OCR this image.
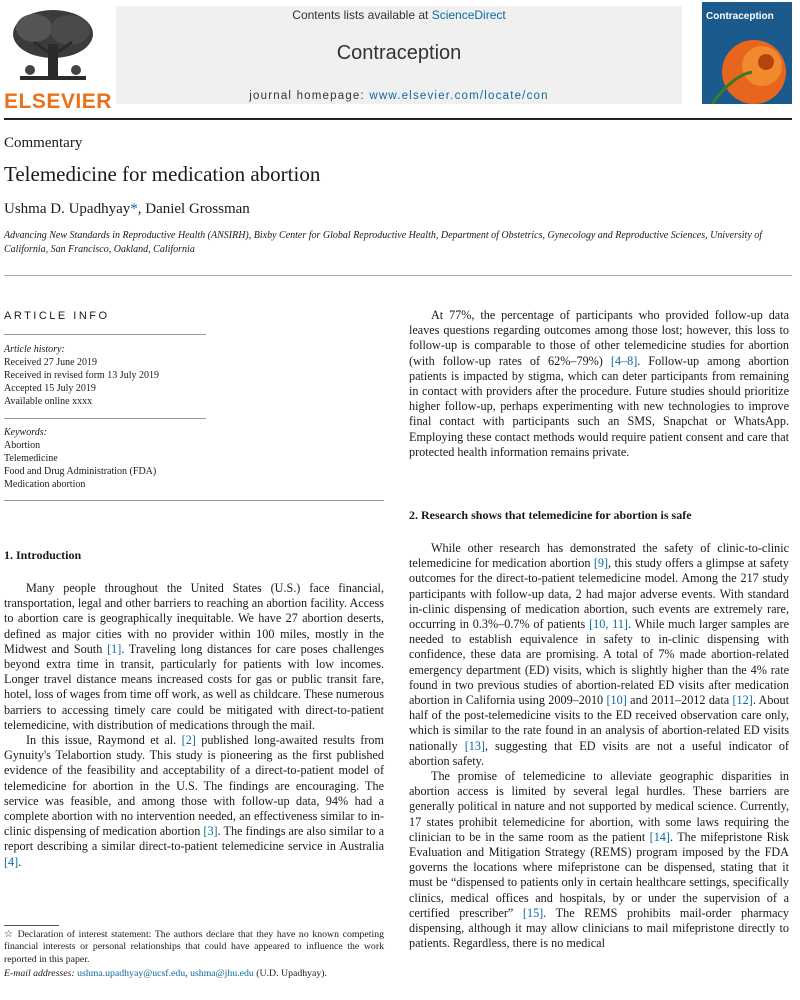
ELSEVIER
Contents lists available at ScienceDirect
Contraception
journal homepage: www.elsevier.com/locate/con
Contraception
Commentary
Telemedicine for medication abortion
Ushma D. Upadhyay*, Daniel Grossman
Advancing New Standards in Reproductive Health (ANSIRH), Bixby Center for Global Reproductive Health, Department of Obstetrics, Gynecology and Reproductive Sciences, University of California, San Francisco, Oakland, California
ARTICLE INFO
Article history:
Received 27 June 2019
Received in revised form 13 July 2019
Accepted 15 July 2019
Available online xxxx
Keywords:
Abortion
Telemedicine
Food and Drug Administration (FDA)
Medication abortion
1. Introduction

Many people throughout the United States (U.S.) face financial, transportation, legal and other barriers to reaching an abortion facility. Access to abortion care is geographically inequitable. We have 27 abortion deserts, defined as major cities with no provider within 100 miles, mostly in the Midwest and South [1]. Traveling long distances for care poses challenges beyond extra time in transit, particularly for patients with low incomes. Longer travel distance means increased costs for gas or public transit fare, hotel, loss of wages from time off work, as well as childcare. These numerous barriers to accessing timely care could be mitigated with direct-to-patient telemedicine, with distribution of medications through the mail.

In this issue, Raymond et al. [2] published long-awaited results from Gynuity's Telabortion study. This study is pioneering as the first published evidence of the feasibility and acceptability of a direct-to-patient model of telemedicine for abortion in the U.S. The findings are encouraging. The service was feasible, and among those with follow-up data, 94% had a complete abortion with no intervention needed, an effectiveness similar to in-clinic dispensing of medication abortion [3]. The findings are also similar to a report describing a similar direct-to-patient telemedicine service in Australia [4].

☆ Declaration of interest statement: The authors declare that they have no known competing financial interests or personal relationships that could have appeared to influence the work reported in this paper.
E-mail addresses: ushma.upadhyay@ucsf.edu, ushma@jhu.edu (U.D. Upadhyay).

At 77%, the percentage of participants who provided follow-up data leaves questions regarding outcomes among those lost; however, this loss to follow-up is comparable to those of other telemedicine studies for abortion (with follow-up rates of 62%–79%) [4–8]. Follow-up among abortion patients is impacted by stigma, which can deter participants from remaining in contact with providers after the procedure. Future studies should prioritize higher follow-up, perhaps experimenting with new technologies to improve final contact with participants such an SMS, Snapchat or WhatsApp. Employing these contact methods would require patient consent and care that protected health information remains private.

2. Research shows that telemedicine for abortion is safe

While other research has demonstrated the safety of clinic-to-clinic telemedicine for medication abortion [9], this study offers a glimpse at safety outcomes for the direct-to-patient telemedicine model. Among the 217 study participants with follow-up data, 2 had major adverse events. With standard in-clinic dispensing of medication abortion, such events are extremely rare, occurring in 0.3%–0.7% of patients [10, 11]. While much larger samples are needed to establish equivalence in safety to in-clinic dispensing with confidence, these data are promising. A total of 7% made abortion-related emergency department (ED) visits, which is slightly higher than the 4% rate found in two previous studies of abortion-related ED visits after medication abortion in California using 2009–2010 [10] and 2011–2012 data [12]. About half of the post-telemedicine visits to the ED received observation care only, which is similar to the rate found in an analysis of abortion-related ED visits nationally [13], suggesting that ED visits are not a useful indicator of abortion safety.

The promise of telemedicine to alleviate geographic disparities in abortion access is limited by several legal hurdles. These barriers are generally political in nature and not supported by medical science. Currently, 17 states prohibit telemedicine for abortion, with some laws requiring the clinician to be in the same room as the patient [14]. The mifepristone Risk Evaluation and Mitigation Strategy (REMS) program imposed by the FDA governs the locations where mifepristone can be dispensed, stating that it must be “dispensed to patients only in certain healthcare settings, specifically clinics, medical offices and hospitals, by or under the supervision of a certified prescriber” [15]. The REMS prohibits mail-order pharmacy dispensing, although it may allow clinicians to mail mifepristone directly to patients. Regardless, there is no medical
